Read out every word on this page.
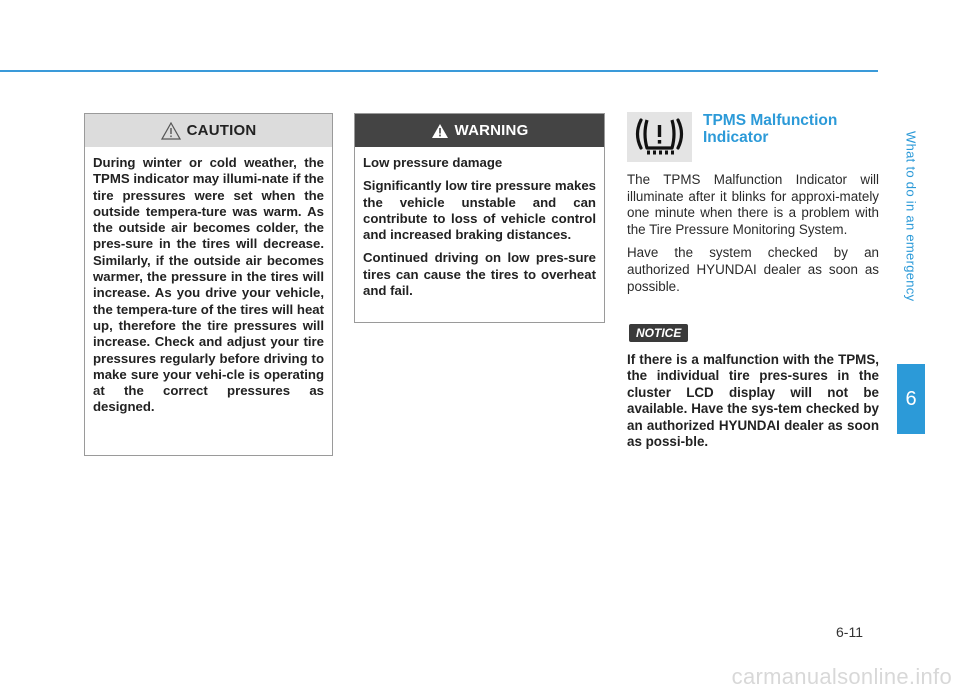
What to do in an emergency
6
CAUTION

During winter or cold weather, the TPMS indicator may illumi-nate if the tire pressures were set when the outside tempera-ture was warm. As the outside air becomes colder, the pres-sure in the tires will decrease. Similarly, if the outside air becomes warmer, the pressure in the tires will increase. As you drive your vehicle, the tempera-ture of the tires will heat up, therefore the tire pressures will increase. Check and adjust your tire pressures regularly before driving to make sure your vehi-cle is operating at the correct pressures as designed.

WARNING

Low pressure damage

Significantly low tire pressure makes the vehicle unstable and can contribute to loss of vehicle control and increased braking distances.

Continued driving on low pres-sure tires can cause the tires to overheat and fail.

TPMS Malfunction Indicator

The TPMS Malfunction Indicator will illuminate after it blinks for approxi-mately one minute when there is a problem with the Tire Pressure Monitoring System.

Have the system checked by an authorized HYUNDAI dealer as soon as possible.

NOTICE
If there is a malfunction with the TPMS, the individual tire pres-sures in the cluster LCD display will not be available. Have the sys-tem checked by an authorized HYUNDAI dealer as soon as possi-ble.
6-11
carmanualsonline.info
